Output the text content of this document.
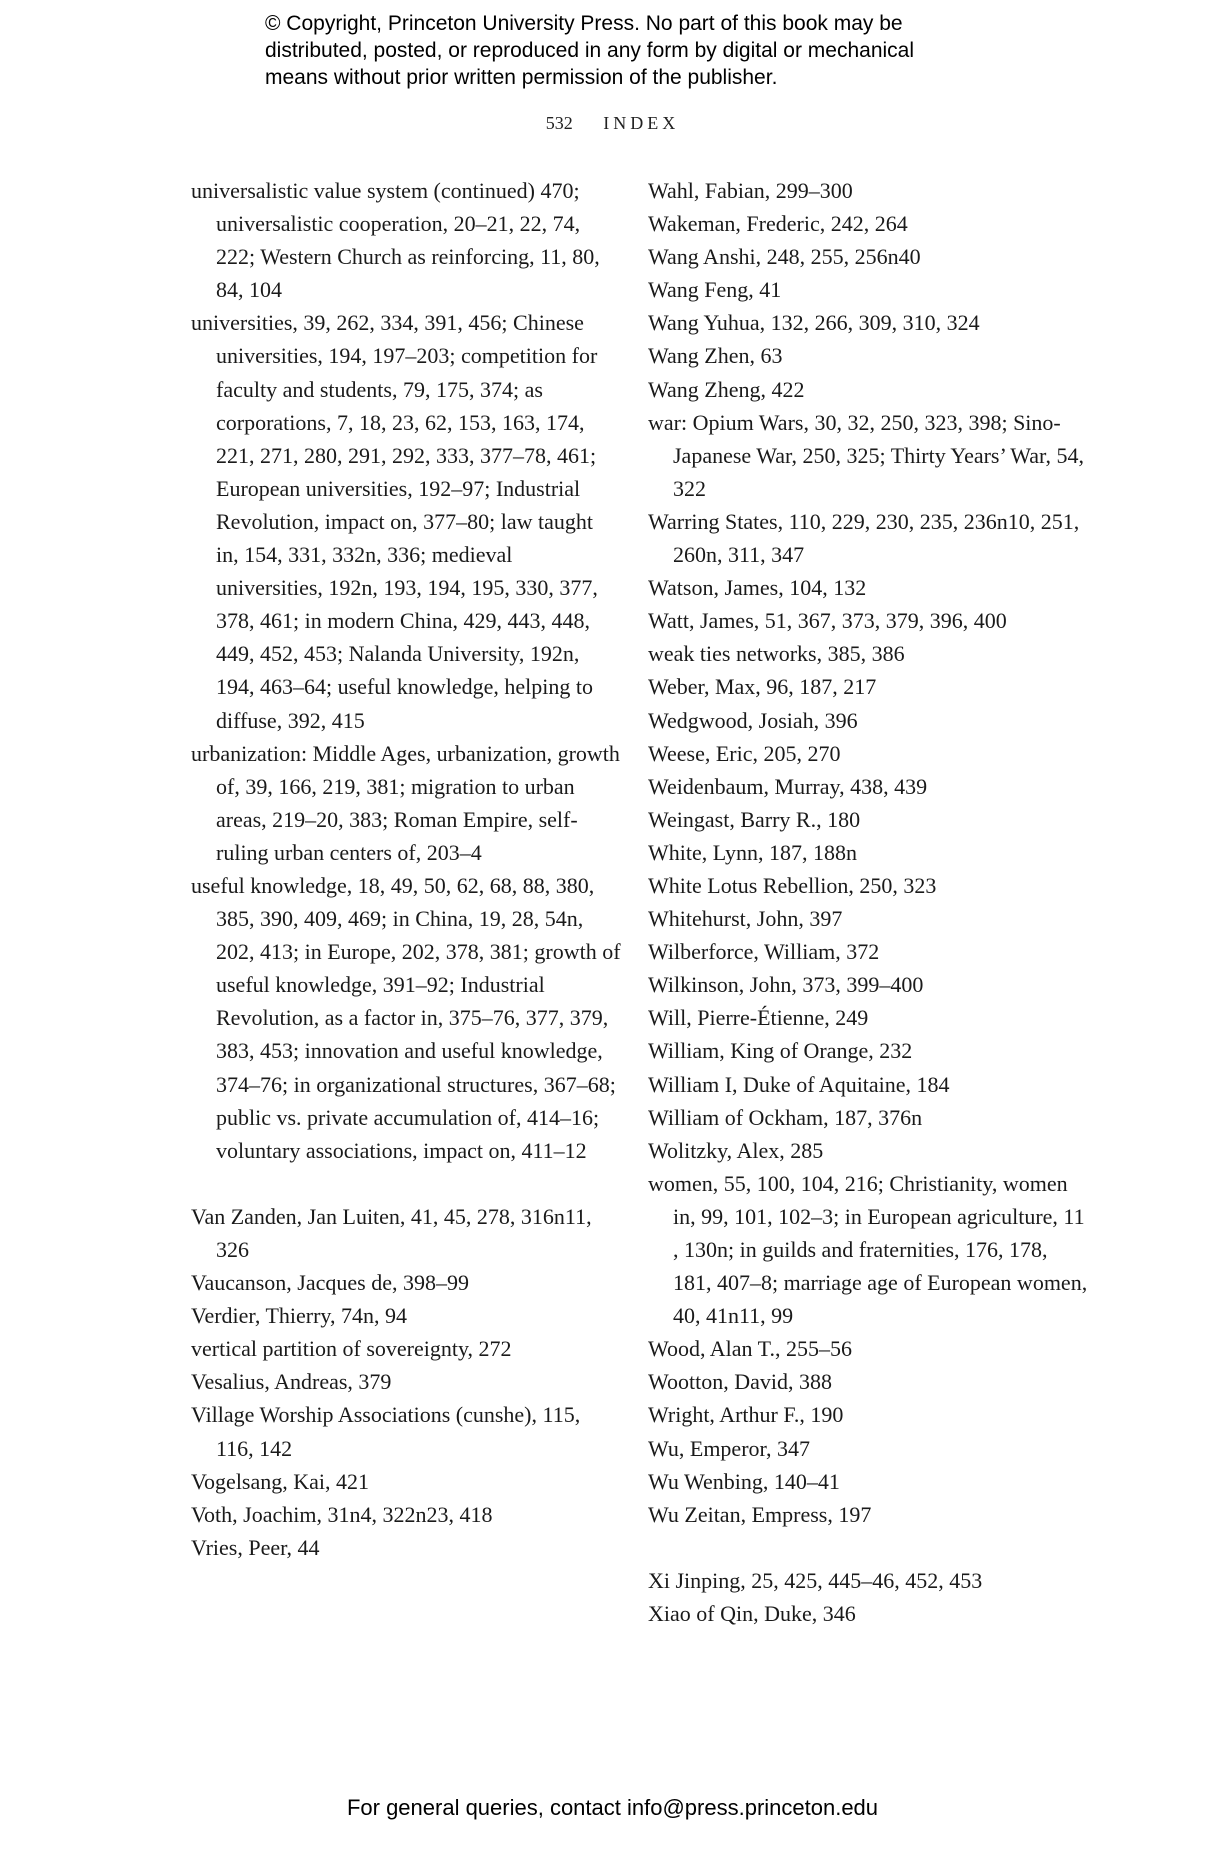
© Copyright, Princeton University Press. No part of this book may be
distributed, posted, or reproduced in any form by digital or mechanical
means without prior written permission of the publisher.
532 INDEX

universalistic value system (continued) 470; universalistic cooperation, 20–21, 22, 74, 222; Western Church as reinforcing, 11, 80, 84, 104

universities, 39, 262, 334, 391, 456; Chinese universities, 194, 197–203; competition for faculty and students, 79, 175, 374; as corporations, 7, 18, 23, 62, 153, 163, 174, 221, 271, 280, 291, 292, 333, 377–78, 461; European universities, 192–97; Industrial Revolution, impact on, 377–80; law taught in, 154, 331, 332n, 336; medieval universities, 192n, 193, 194, 195, 330, 377, 378, 461; in modern China, 429, 443, 448, 449, 452, 453; Nalanda University, 192n, 194, 463–64; useful knowledge, helping to diffuse, 392, 415

urbanization: Middle Ages, urbanization, growth of, 39, 166, 219, 381; migration to urban areas, 219–20, 383; Roman Empire, self-ruling urban centers of, 203–4

useful knowledge, 18, 49, 50, 62, 68, 88, 380, 385, 390, 409, 469; in China, 19, 28, 54n, 202, 413; in Europe, 202, 378, 381; growth of useful knowledge, 391–92; Industrial Revolution, as a factor in, 375–76, 377, 379, 383, 453; innovation and useful knowledge, 374–76; in organizational structures, 367–68; public vs. private accumulation of, 414–16; voluntary associations, impact on, 411–12

Van Zanden, Jan Luiten, 41, 45, 278, 316n11, 326

Vaucanson, Jacques de, 398–99

Verdier, Thierry, 74n, 94

vertical partition of sovereignty, 272

Vesalius, Andreas, 379

Village Worship Associations (cunshe), 115, 116, 142

Vogelsang, Kai, 421

Voth, Joachim, 31n4, 322n23, 418

Vries, Peer, 44

Wahl, Fabian, 299–300

Wakeman, Frederic, 242, 264

Wang Anshi, 248, 255, 256n40

Wang Feng, 41

Wang Yuhua, 132, 266, 309, 310, 324

Wang Zhen, 63

Wang Zheng, 422

war: Opium Wars, 30, 32, 250, 323, 398; Sino-Japanese War, 250, 325; Thirty Years’ War, 54, 322

Warring States, 110, 229, 230, 235, 236n10, 251, 260n, 311, 347

Watson, James, 104, 132

Watt, James, 51, 367, 373, 379, 396, 400

weak ties networks, 385, 386

Weber, Max, 96, 187, 217

Wedgwood, Josiah, 396

Weese, Eric, 205, 270

Weidenbaum, Murray, 438, 439

Weingast, Barry R., 180

White, Lynn, 187, 188n

White Lotus Rebellion, 250, 323

Whitehurst, John, 397

Wilberforce, William, 372

Wilkinson, John, 373, 399–400

Will, Pierre-Étienne, 249

William, King of Orange, 232

William I, Duke of Aquitaine, 184

William of Ockham, 187, 376n

Wolitzky, Alex, 285

women, 55, 100, 104, 216; Christianity, women in, 99, 101, 102–3; in European agriculture, 11 , 130n; in guilds and fraternities, 176, 178, 181, 407–8; marriage age of European women, 40, 41n11, 99

Wood, Alan T., 255–56

Wootton, David, 388

Wright, Arthur F., 190

Wu, Emperor, 347

Wu Wenbing, 140–41

Wu Zeitan, Empress, 197

Xi Jinping, 25, 425, 445–46, 452, 453

Xiao of Qin, Duke, 346

For general queries, contact info@press.princeton.edu
